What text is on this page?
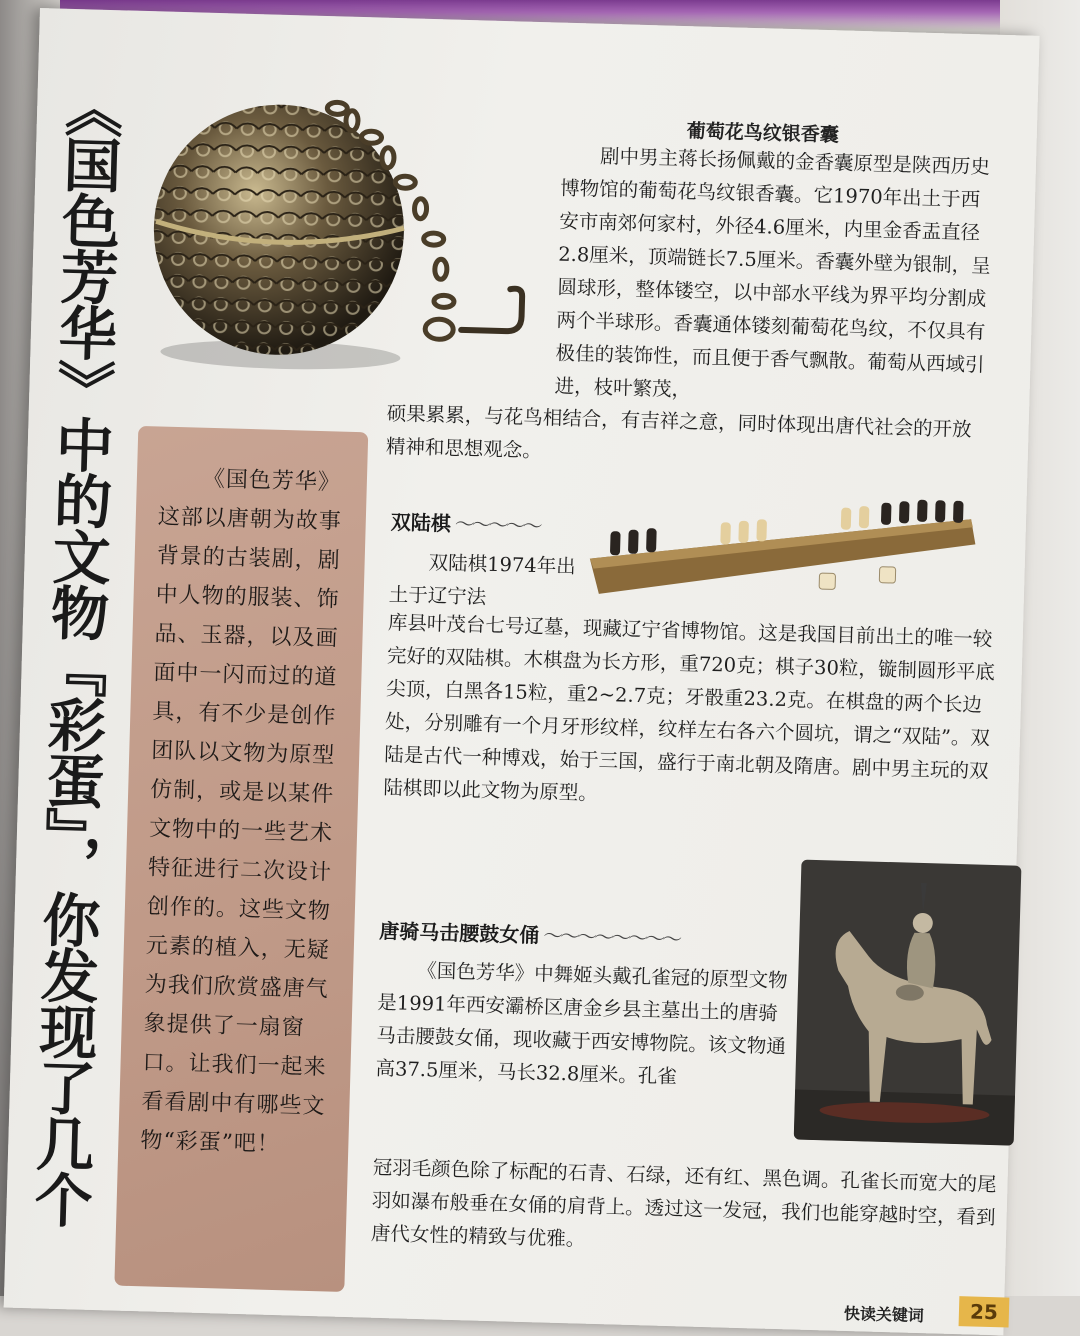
《国色芳华》中的文物『彩蛋』，你发现了几个	葡萄花鸟纹银香囊

剧中男主蒋长扬佩戴的金香囊原型是陕西历史博物馆的葡萄花鸟纹银香囊。它1970年出土于西安市南郊何家村，外径4.6厘米，内里金香盂直径2.8厘米，顶端链长7.5厘米。香囊外壁为银制，呈圆球形，整体镂空，以中部水平线为界平均分割成两个半球形。香囊通体镂刻葡萄花鸟纹，不仅具有极佳的装饰性，而且便于香气飘散。葡萄从西域引进，枝叶繁茂，

硕果累累，与花鸟相结合，有吉祥之意，同时体现出唐代社会的开放精神和思想观念。

《国色芳华》这部以唐朝为故事背景的古装剧，剧中人物的服装、饰品、玉器，以及画面中一闪而过的道具，有不少是创作团队以文物为原型仿制，或是以某件文物中的一些艺术特征进行二次设计创作的。这些文物元素的植入，无疑为我们欣赏盛唐气象提供了一扇窗口。让我们一起来看看剧中有哪些文物“彩蛋”吧！

双陆棋 ～～～～～

双陆棋1974年出土于辽宁法

库县叶茂台七号辽墓，现藏辽宁省博物馆。这是我国目前出土的唯一较完好的双陆棋。木棋盘为长方形，重720克；棋子30粒，镟制圆形平底尖顶，白黑各15粒，重2~2.7克；牙骰重23.2克。在棋盘的两个长边处，分别雕有一个月牙形纹样，纹样左右各六个圆坑，谓之“双陆”。双陆是古代一种博戏，始于三国，盛行于南北朝及隋唐。剧中男主玩的双陆棋即以此文物为原型。

唐骑马击腰鼓女俑 ～～～～～～～～

《国色芳华》中舞姬头戴孔雀冠的原型文物是1991年西安灞桥区唐金乡县主墓出土的唐骑马击腰鼓女俑，现收藏于西安博物院。该文物通高37.5厘米，马长32.8厘米。孔雀

冠羽毛颜色除了标配的石青、石绿，还有红、黑色调。孔雀长而宽大的尾羽如瀑布般垂在女俑的肩背上。透过这一发冠，我们也能穿越时空，看到唐代女性的精致与优雅。

快读关键词	25
